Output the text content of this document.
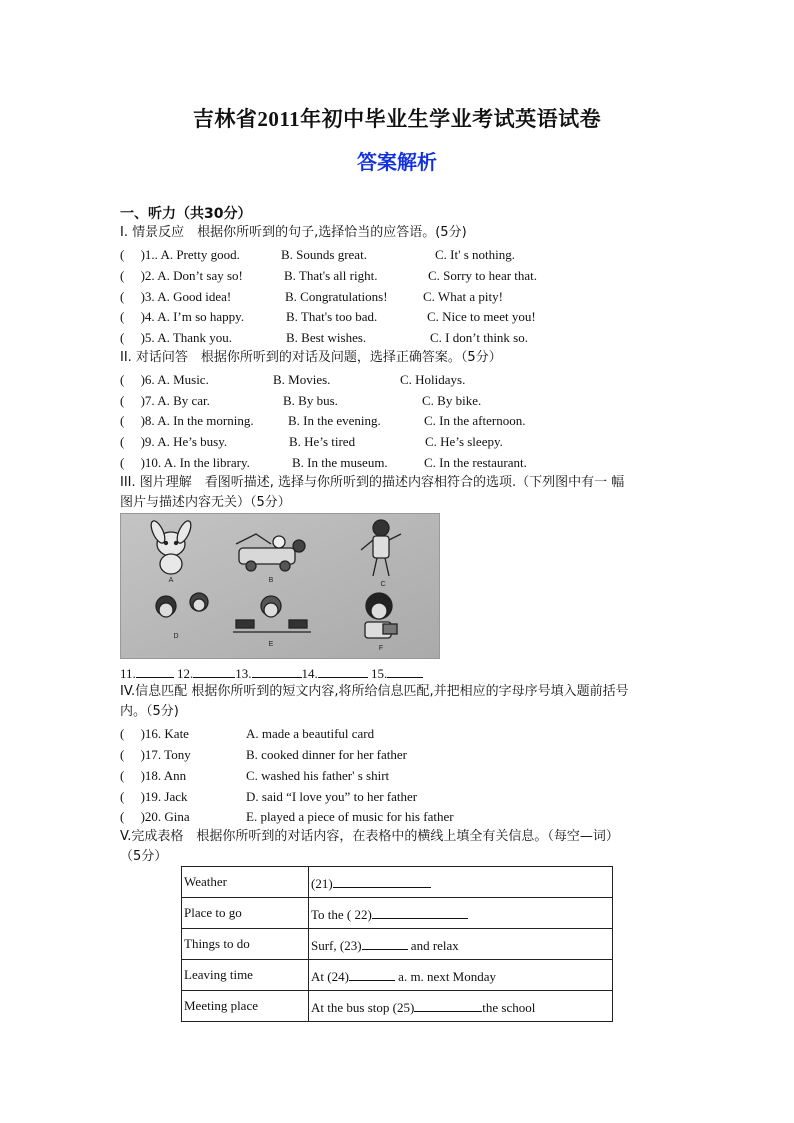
吉林省2011年初中毕业生学业考试英语试卷
答案解析
一、听力（共30分）
I. 情景反应　根据你所听到的句子,选择恰当的应答语。(5分)
(　 )1.. A. Pretty good.	B. Sounds great.	C. It' s nothing.
(　 )2. A. Don’t say so!	B. That's all right.	C. Sorry to hear that.
(　 )3. A. Good idea!	B. Congratulations!	C. What a pity!
(　 )4. A. I’m so happy.	B. That's too bad.	C. Nice to meet you!
(　 )5. A. Thank you.	B. Best wishes.	C. I don’t think so.
II. 对话问答　根据你所听到的对话及问题，选择正确答案。（5分）
(　 )6. A. Music.	B. Movies.	C. Holidays.
(　 )7. A. By car.	B. By bus.	C. By bike.
(　 )8. A. In the morning.	B. In the evening.	C. In the afternoon.
(　 )9. A. He’s busy.	B. He’s tired	C. He’s sleepy.
(　 )10. A. In the library.	B. In the museum.	C. In the restaurant.
III. 图片理解　看图听描述, 选择与你所听到的描述内容相符合的选项.（下列图中有一 幅
图片与描述内容无关）（5分）
A	B
C
D
E
F
11.	12.	13.	14.	15.
IV.信息匹配 根据你所听到的短文内容,将所给信息匹配,并把相应的字母序号填入题前括号
内。（5分)
(　 )16. Kate	A. made a beautiful card
(　 )17. Tony	B. cooked dinner for her father
(　 )18. Ann	C. washed his father' s shirt
(　 )19. Jack	D. said “I love you” to her father
(　 )20. Gina	E. played a piece of music for his father
V.完成表格　根据你所听到的对话内容，在表格中的横线上填全有关信息。（每空—词）
（5分）
Weather	(21)
Place to go	To the ( 22)
Things to do	Surf, (23) and relax
Leaving time	At (24) a. m. next Monday
Meeting place	At the bus stop (25) the school
